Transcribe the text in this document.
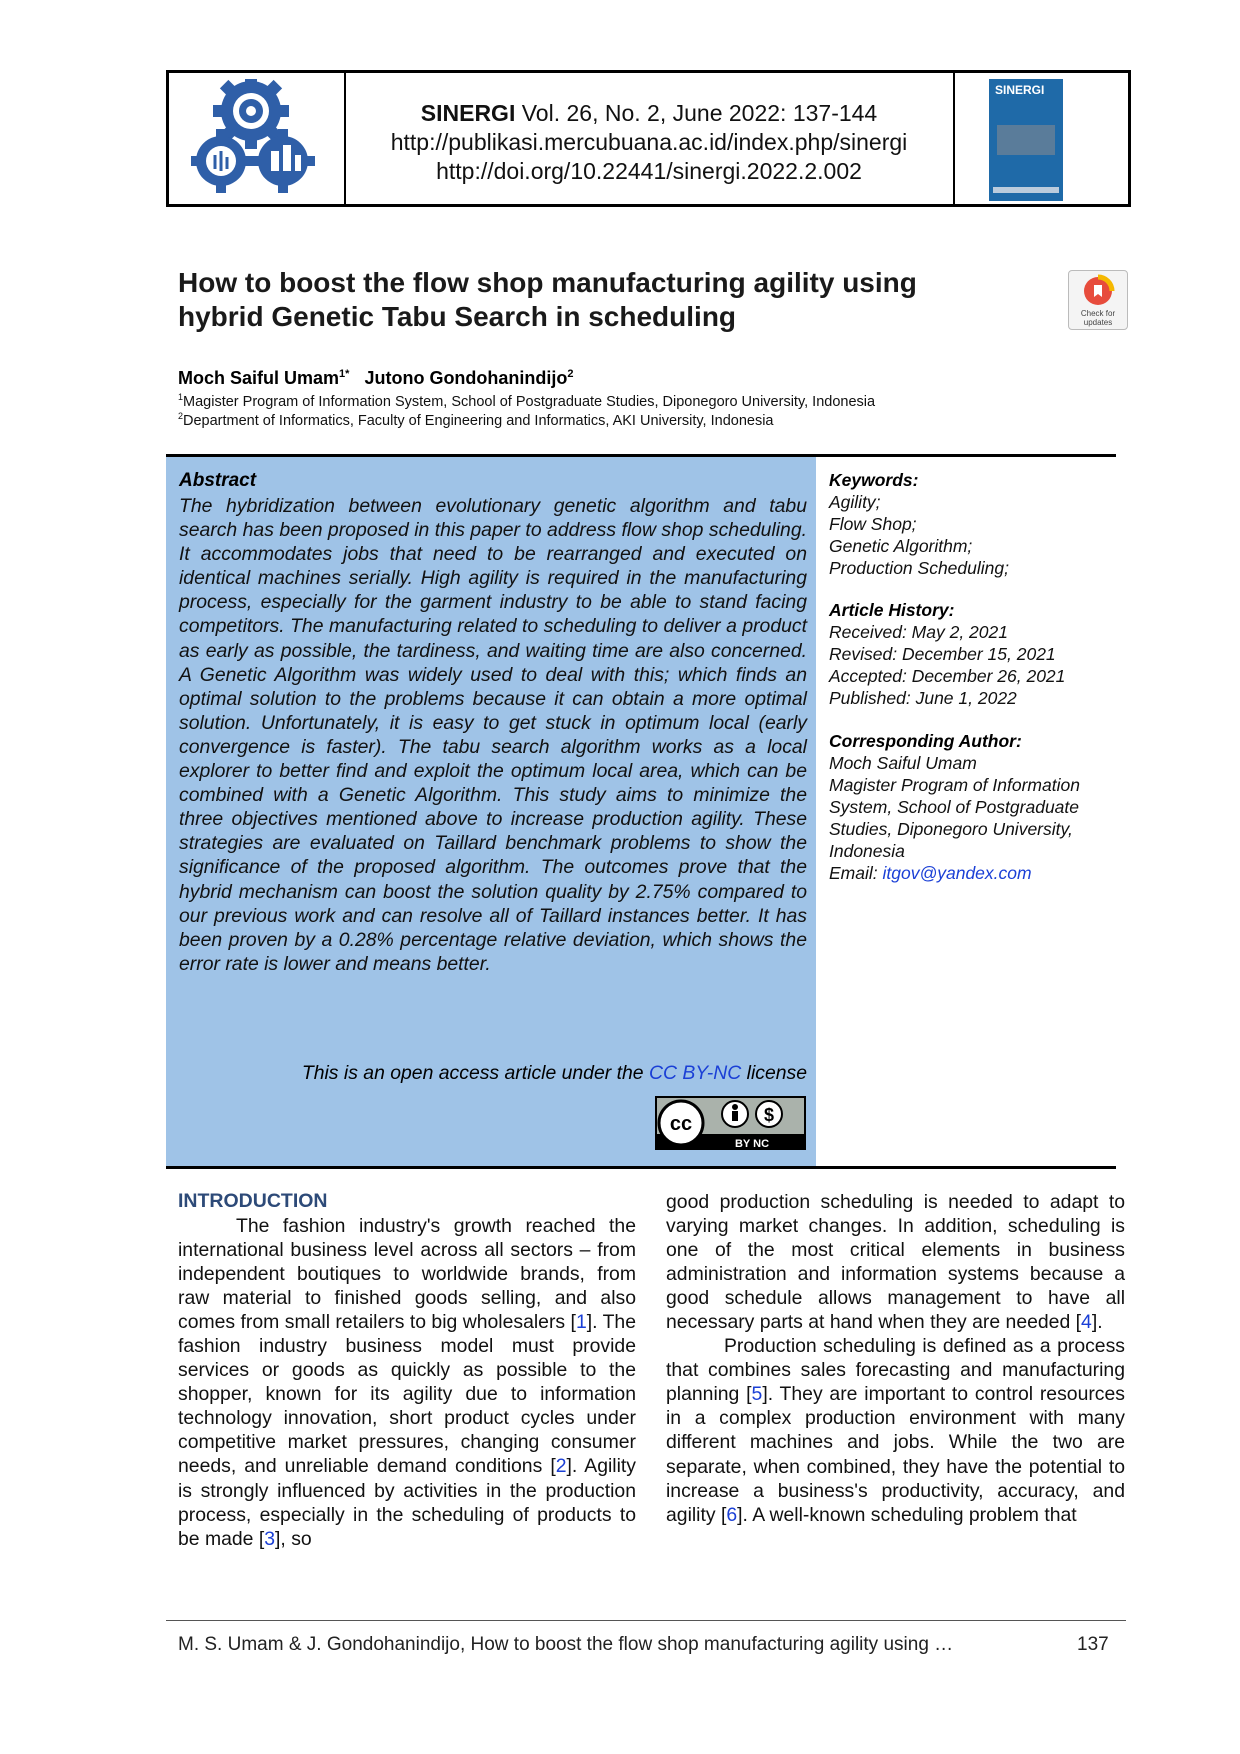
SINERGI Vol. 26, No. 2, June 2022: 137-144
http://publikasi.mercubuana.ac.id/index.php/sinergi
http://doi.org/10.22441/sinergi.2022.2.002
SINERGI
How to boost the flow shop manufacturing agility using
hybrid Genetic Tabu Search in scheduling	Check for
updates
Moch Saiful Umam$^{1*}$ Jutono Gondohanindijo$^2$
$^1$Magister Program of Information System, School of Postgraduate Studies, Diponegoro University, Indonesia
$^2$Department of Informatics, Faculty of Engineering and Informatics, AKI University, Indonesia
Abstract
The hybridization between evolutionary genetic algorithm and tabu search has been proposed in this paper to address flow shop scheduling. It accommodates jobs that need to be rearranged and executed on identical machines serially. High agility is required in the manufacturing process, especially for the garment industry to be able to stand facing competitors. The manufacturing related to scheduling to deliver a product as early as possible, the tardiness, and waiting time are also concerned. A Genetic Algorithm was widely used to deal with this; which finds an optimal solution to the problems because it can obtain a more optimal solution. Unfortunately, it is easy to get stuck in optimum local (early convergence is faster). The tabu search algorithm works as a local explorer to better find and exploit the optimum local area, which can be combined with a Genetic Algorithm. This study aims to minimize the three objectives mentioned above to increase production agility. These strategies are evaluated on Taillard benchmark problems to show the significance of the proposed algorithm. The outcomes prove that the hybrid mechanism can boost the solution quality by 2.75% compared to our previous work and can resolve all of Taillard instances better. It has been proven by a 0.28% percentage relative deviation, which shows the error rate is lower and means better.
This is an open access article under the CC BY-NC license
cc	$
BY NC
Keywords:
Agility;
Flow Shop;
Genetic Algorithm;
Production Scheduling;
Article History:
Received: May 2, 2021
Revised: December 15, 2021
Accepted: December 26, 2021
Published: June 1, 2022
Corresponding Author:
Moch Saiful Umam
Magister Program of Information
System, School of Postgraduate
Studies, Diponegoro University,
Indonesia
Email: itgov@yandex.com
INTRODUCTION

The fashion industry's growth reached the international business level across all sectors – from independent boutiques to worldwide brands, from raw material to finished goods selling, and also comes from small retailers to big wholesalers [1]. The fashion industry business model must provide services or goods as quickly as possible to the shopper, known for its agility due to information technology innovation, short product cycles under competitive market pressures, changing consumer needs, and unreliable demand conditions [2]. Agility is strongly influenced by activities in the production process, especially in the scheduling of products to be made [3], so

good production scheduling is needed to adapt to varying market changes. In addition, scheduling is one of the most critical elements in business administration and information systems because a good schedule allows management to have all necessary parts at hand when they are needed [4].

Production scheduling is defined as a process that combines sales forecasting and manufacturing planning [5]. They are important to control resources in a complex production environment with many different machines and jobs. While the two are separate, when combined, they have the potential to increase a business's productivity, accuracy, and agility [6]. A well-known scheduling problem that

M. S. Umam & J. Gondohanindijo, How to boost the flow shop manufacturing agility using …	137
